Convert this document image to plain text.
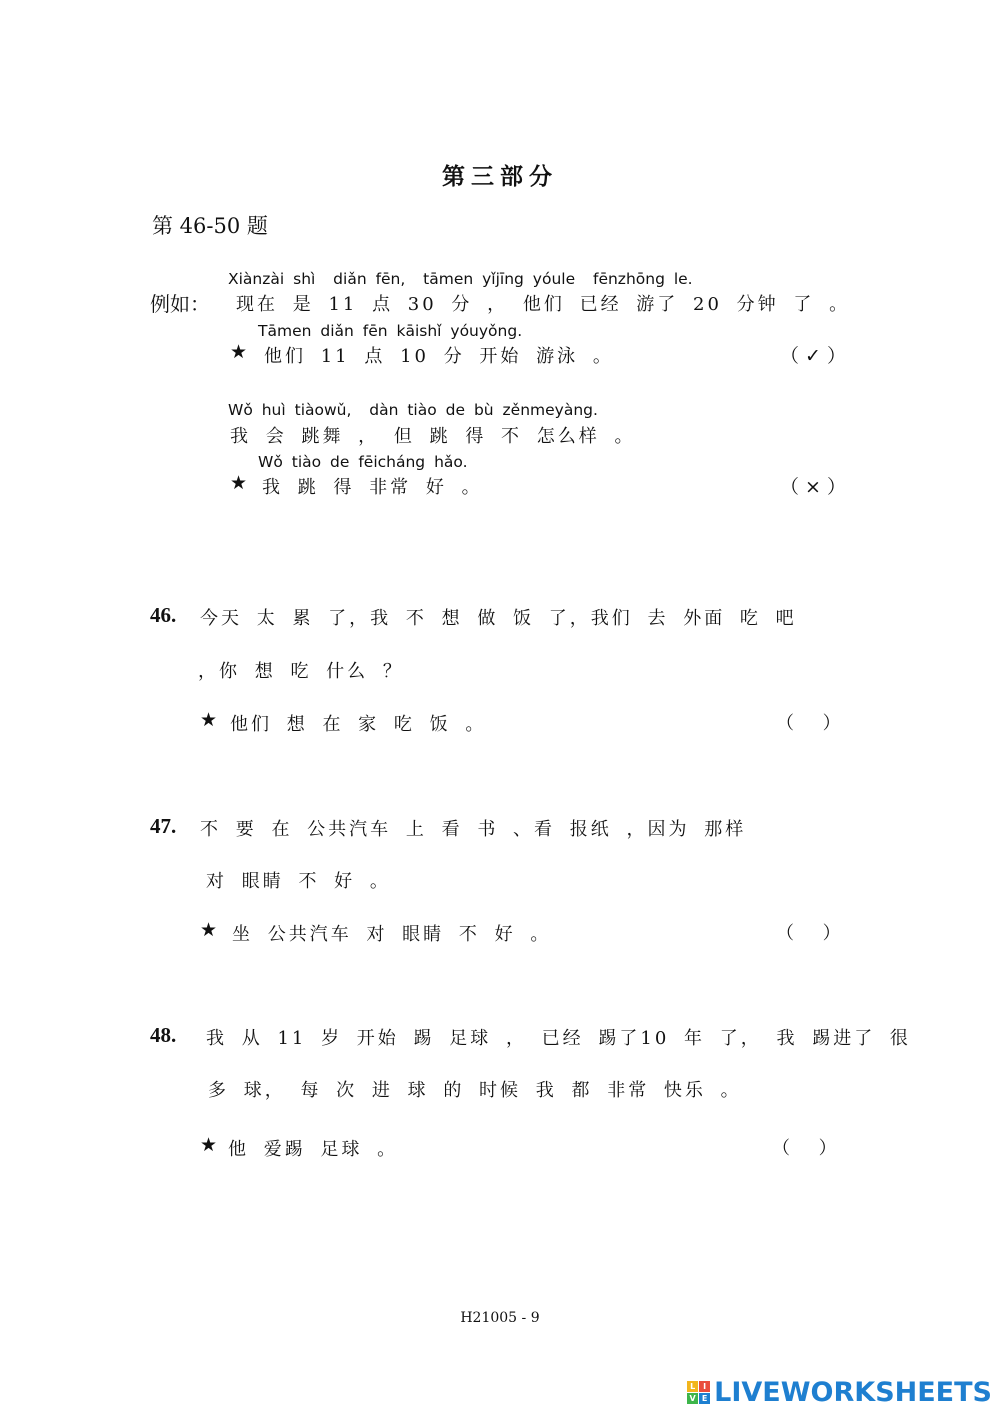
第三部分
第 46-50 题
Xiànzài shì  diǎn fēn,  tāmen yǐjīng yóule  fēnzhōng le.
例如： 现在 是 11 点 30 分 ， 他们 已经 游了 20 分钟 了 。
Tāmen diǎn fēn kāishǐ yóuyǒng.
★ 他们 11 点 10 分 开始 游泳 。	（ ✓ ）
Wǒ huì tiàowǔ,  dàn tiào de bù zěnmeyàng.
我 会 跳舞 ， 但 跳 得 不 怎么样 。
Wǒ tiào de fēicháng hǎo.
★ 我 跳 得 非常 好 。	（ × ）
46. 今天 太 累 了，我 不 想 做 饭 了，我们 去 外面 吃 吧
，你 想 吃 什么 ？
★ 他们 想 在 家 吃 饭 。	（     ）
47. 不 要 在 公共汽车 上 看 书 、看 报纸 ，因为 那样
对 眼睛 不 好 。
★ 坐 公共汽车 对 眼睛 不 好 。	（     ）
48. 我 从 11 岁 开始 踢 足球 ， 已经 踢了10 年 了， 我 踢进了 很
多 球， 每 次 进 球 的 时候 我 都 非常 快乐 。
★ 他 爱踢 足球 。	（     ）
H21005 - 9
L I
V E LIVEWORKSHEETS
